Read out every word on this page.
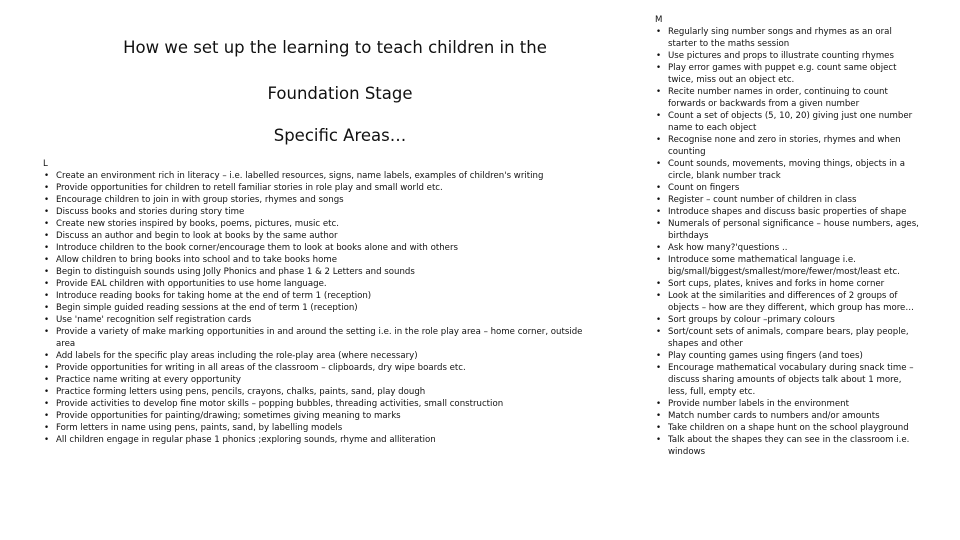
How we set up the learning to teach children in the
Foundation Stage
Specific Areas…
L
• Create an environment rich in literacy – i.e. labelled resources, signs, name labels, examples of children's writing
• Provide opportunities for children to retell familiar stories in role play and small world etc.
• Encourage children to join in with group stories, rhymes and songs
• Discuss books and stories during story time
• Create new stories inspired by books, poems, pictures, music etc.
• Discuss an author and begin to look at books by the same author
• Introduce children to the book corner/encourage them to look at books alone and with others
• Allow children to bring books into school and to take books home
• Begin to distinguish sounds using Jolly Phonics and phase 1 & 2 Letters and sounds
• Provide EAL children with opportunities to use home language.
• Introduce reading books for taking home at the end of term 1 (reception)
• Begin simple guided reading sessions at the end of term 1 (reception)
• Use 'name' recognition self registration cards
• Provide a variety of make marking opportunities in and around the setting i.e. in the role play area – home corner, outside area
• Add labels for the specific play areas including the role-play area (where necessary)
• Provide opportunities for writing in all areas of the classroom – clipboards, dry wipe boards etc.
• Practice name writing at every opportunity
• Practice forming letters using pens, pencils, crayons, chalks, paints, sand, play dough
• Provide activities to develop fine motor skills – popping bubbles, threading activities, small construction
• Provide opportunities for painting/drawing; sometimes giving meaning to marks
• Form letters in name using pens, paints, sand, by labelling models
• All children engage in regular phase 1 phonics ;exploring sounds, rhyme and alliteration
M
• Regularly sing number songs and rhymes as an oral starter to the maths session
• Use pictures and props to illustrate counting rhymes
• Play error games with puppet e.g. count same object twice, miss out an object etc.
• Recite number names in order, continuing to count forwards or backwards from a given number
• Count a set of objects (5, 10, 20) giving just one number name to each object
• Recognise none and zero in stories, rhymes and when counting
• Count sounds, movements, moving things, objects in a circle, blank number track
• Count on fingers
• Register – count number of children in class
• Introduce shapes and discuss basic properties of shape
• Numerals of personal significance – house numbers, ages, birthdays
• Ask how many?'questions ..
• Introduce some mathematical language i.e. big/small/biggest/smallest/more/fewer/most/least etc.
• Sort cups, plates, knives and forks in home corner
• Look at the similarities and differences of 2 groups of objects – how are they different, which group has more…
• Sort groups by colour –primary colours
• Sort/count sets of animals, compare bears, play people, shapes and other
• Play counting games using fingers (and toes)
• Encourage mathematical vocabulary during snack time – discuss sharing amounts of objects talk about 1 more, less, full, empty etc.
• Provide number labels in the environment
• Match number cards to numbers and/or amounts
• Take children on a shape hunt on the school playground
• Talk about the shapes they can see in the classroom i.e. windows
